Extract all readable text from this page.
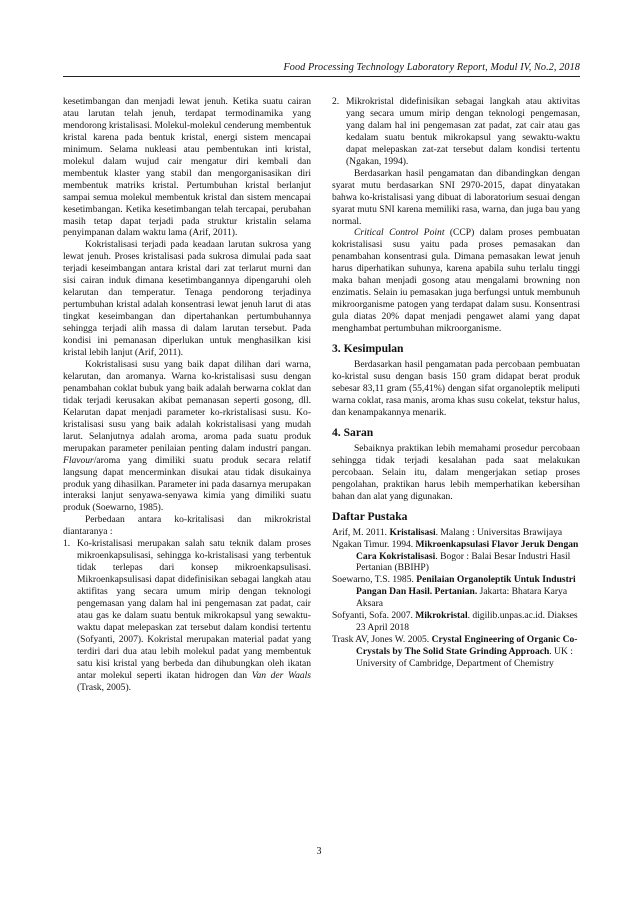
Food Processing Technology Laboratory Report, Modul IV, No.2, 2018

kesetimbangan dan menjadi lewat jenuh. Ketika suatu cairan atau larutan telah jenuh, terdapat termodinamika yang mendorong kristalisasi. Molekul-molekul cenderung membentuk kristal karena pada bentuk kristal, energi sistem mencapai minimum. Selama nukleasi atau pembentukan inti kristal, molekul dalam wujud cair mengatur diri kembali dan membentuk klaster yang stabil dan mengorganisasikan diri membentuk matriks kristal. Pertumbuhan kristal berlanjut sampai semua molekul membentuk kristal dan sistem mencapai kesetimbangan. Ketika kesetimbangan telah tercapai, perubahan masih tetap dapat terjadi pada struktur kristalin selama penyimpanan dalam waktu lama (Arif, 2011).

Kokristalisasi terjadi pada keadaan larutan sukrosa yang lewat jenuh. Proses kristalisasi pada sukrosa dimulai pada saat terjadi keseimbangan antara kristal dari zat terlarut murni dan sisi cairan induk dimana kesetimbangannya dipengaruhi oleh kelarutan dan temperatur. Tenaga pendorong terjadinya pertumbuhan kristal adalah konsentrasi lewat jenuh larut di atas tingkat keseimbangan dan dipertahankan pertumbuhannya sehingga terjadi alih massa di dalam larutan tersebut. Pada kondisi ini pemanasan diperlukan untuk menghasilkan kisi kristal lebih lanjut (Arif, 2011).

Kokristalisasi susu yang baik dapat dilihan dari warna, kelarutan, dan aromanya. Warna ko-kristalisasi susu dengan penambahan coklat bubuk yang baik adalah berwarna coklat dan tidak terjadi kerusakan akibat pemanasan seperti gosong, dll. Kelarutan dapat menjadi parameter ko-rkristalisasi susu. Ko-kristalisasi susu yang baik adalah kokristalisasi yang mudah larut. Selanjutnya adalah aroma, aroma pada suatu produk merupakan parameter penilaian penting dalam industri pangan. Flavour/aroma yang dimiliki suatu produk secara relatif langsung dapat mencerminkan disukai atau tidak disukainya produk yang dihasilkan. Parameter ini pada dasarnya merupakan interaksi lanjut senyawa-senyawa kimia yang dimiliki suatu produk (Soewarno, 1985).

Perbedaan antara ko-kritalisasi dan mikrokristal diantaranya :

1. Ko-kristalisasi merupakan salah satu teknik dalam proses mikroenkapsulisasi, sehingga ko-kristalisasi yang terbentuk tidak terlepas dari konsep mikroenkapsulisasi. Mikroenkapsulisasi dapat didefinisikan sebagai langkah atau aktifitas yang secara umum mirip dengan teknologi pengemasan yang dalam hal ini pengemasan zat padat, cair atau gas ke dalam suatu bentuk mikrokapsul yang sewaktu-waktu dapat melepaskan zat tersebut dalam kondisi tertentu (Sofyanti, 2007). Kokristal merupakan material padat yang terdiri dari dua atau lebih molekul padat yang membentuk satu kisi kristal yang berbeda dan dihubungkan oleh ikatan antar molekul seperti ikatan hidrogen dan Van der Waals (Trask, 2005).
2. Mikrokristal didefinisikan sebagai langkah atau aktivitas yang secara umum mirip dengan teknologi pengemasan, yang dalam hal ini pengemasan zat padat, zat cair atau gas kedalam suatu bentuk mikrokapsul yang sewaktu-waktu dapat melepaskan zat-zat tersebut dalam kondisi tertentu (Ngakan, 1994).

Berdasarkan hasil pengamatan dan dibandingkan dengan syarat mutu berdasarkan SNI 2970-2015, dapat dinyatakan bahwa ko-kristalisasi yang dibuat di laboratorium sesuai dengan syarat mutu SNI karena memiliki rasa, warna, dan juga bau yang normal.

Critical Control Point (CCP) dalam proses pembuatan kokristalisasi susu yaitu pada proses pemasakan dan penambahan konsentrasi gula. Dimana pemasakan lewat jenuh harus diperhatikan suhunya, karena apabila suhu terlalu tinggi maka bahan menjadi gosong atau mengalami browning non enzimatis. Selain iu pemasakan juga berfungsi untuk membunuh mikroorganisme patogen yang terdapat dalam susu. Konsentrasi gula diatas 20% dapat menjadi pengawet alami yang dapat menghambat pertumbuhan mikroorganisme.

3. Kesimpulan

Berdasarkan hasil pengamatan pada percobaan pembuatan ko-kristal susu dengan basis 150 gram didapat berat produk sebesar 83,11 gram (55,41%) dengan sifat organoleptik meliputi warna coklat, rasa manis, aroma khas susu cokelat, tekstur halus, dan kenampakannya menarik.

4. Saran

Sebaiknya praktikan lebih memahami prosedur percobaan sehingga tidak terjadi kesalahan pada saat melakukan percobaan. Selain itu, dalam mengerjakan setiap proses pengolahan, praktikan harus lebih memperhatikan kebersihan bahan dan alat yang digunakan.

Daftar Pustaka

Arif, M. 2011. Kristalisasi. Malang : Universitas Brawijaya

Ngakan Timur. 1994. Mikroenkapsulasi Flavor Jeruk Dengan Cara Kokristalisasi. Bogor : Balai Besar Industri Hasil Pertanian (BBIHP)

Soewarno, T.S. 1985. Penilaian Organoleptik Untuk Industri Pangan Dan Hasil. Pertanian. Jakarta: Bhatara Karya Aksara

Sofyanti, Sofa. 2007. Mikrokristal. digilib.unpas.ac.id. Diakses 23 April 2018

Trask AV, Jones W. 2005. Crystal Engineering of Organic Co-Crystals by The Solid State Grinding Approach. UK : University of Cambridge, Department of Chemistry

3
